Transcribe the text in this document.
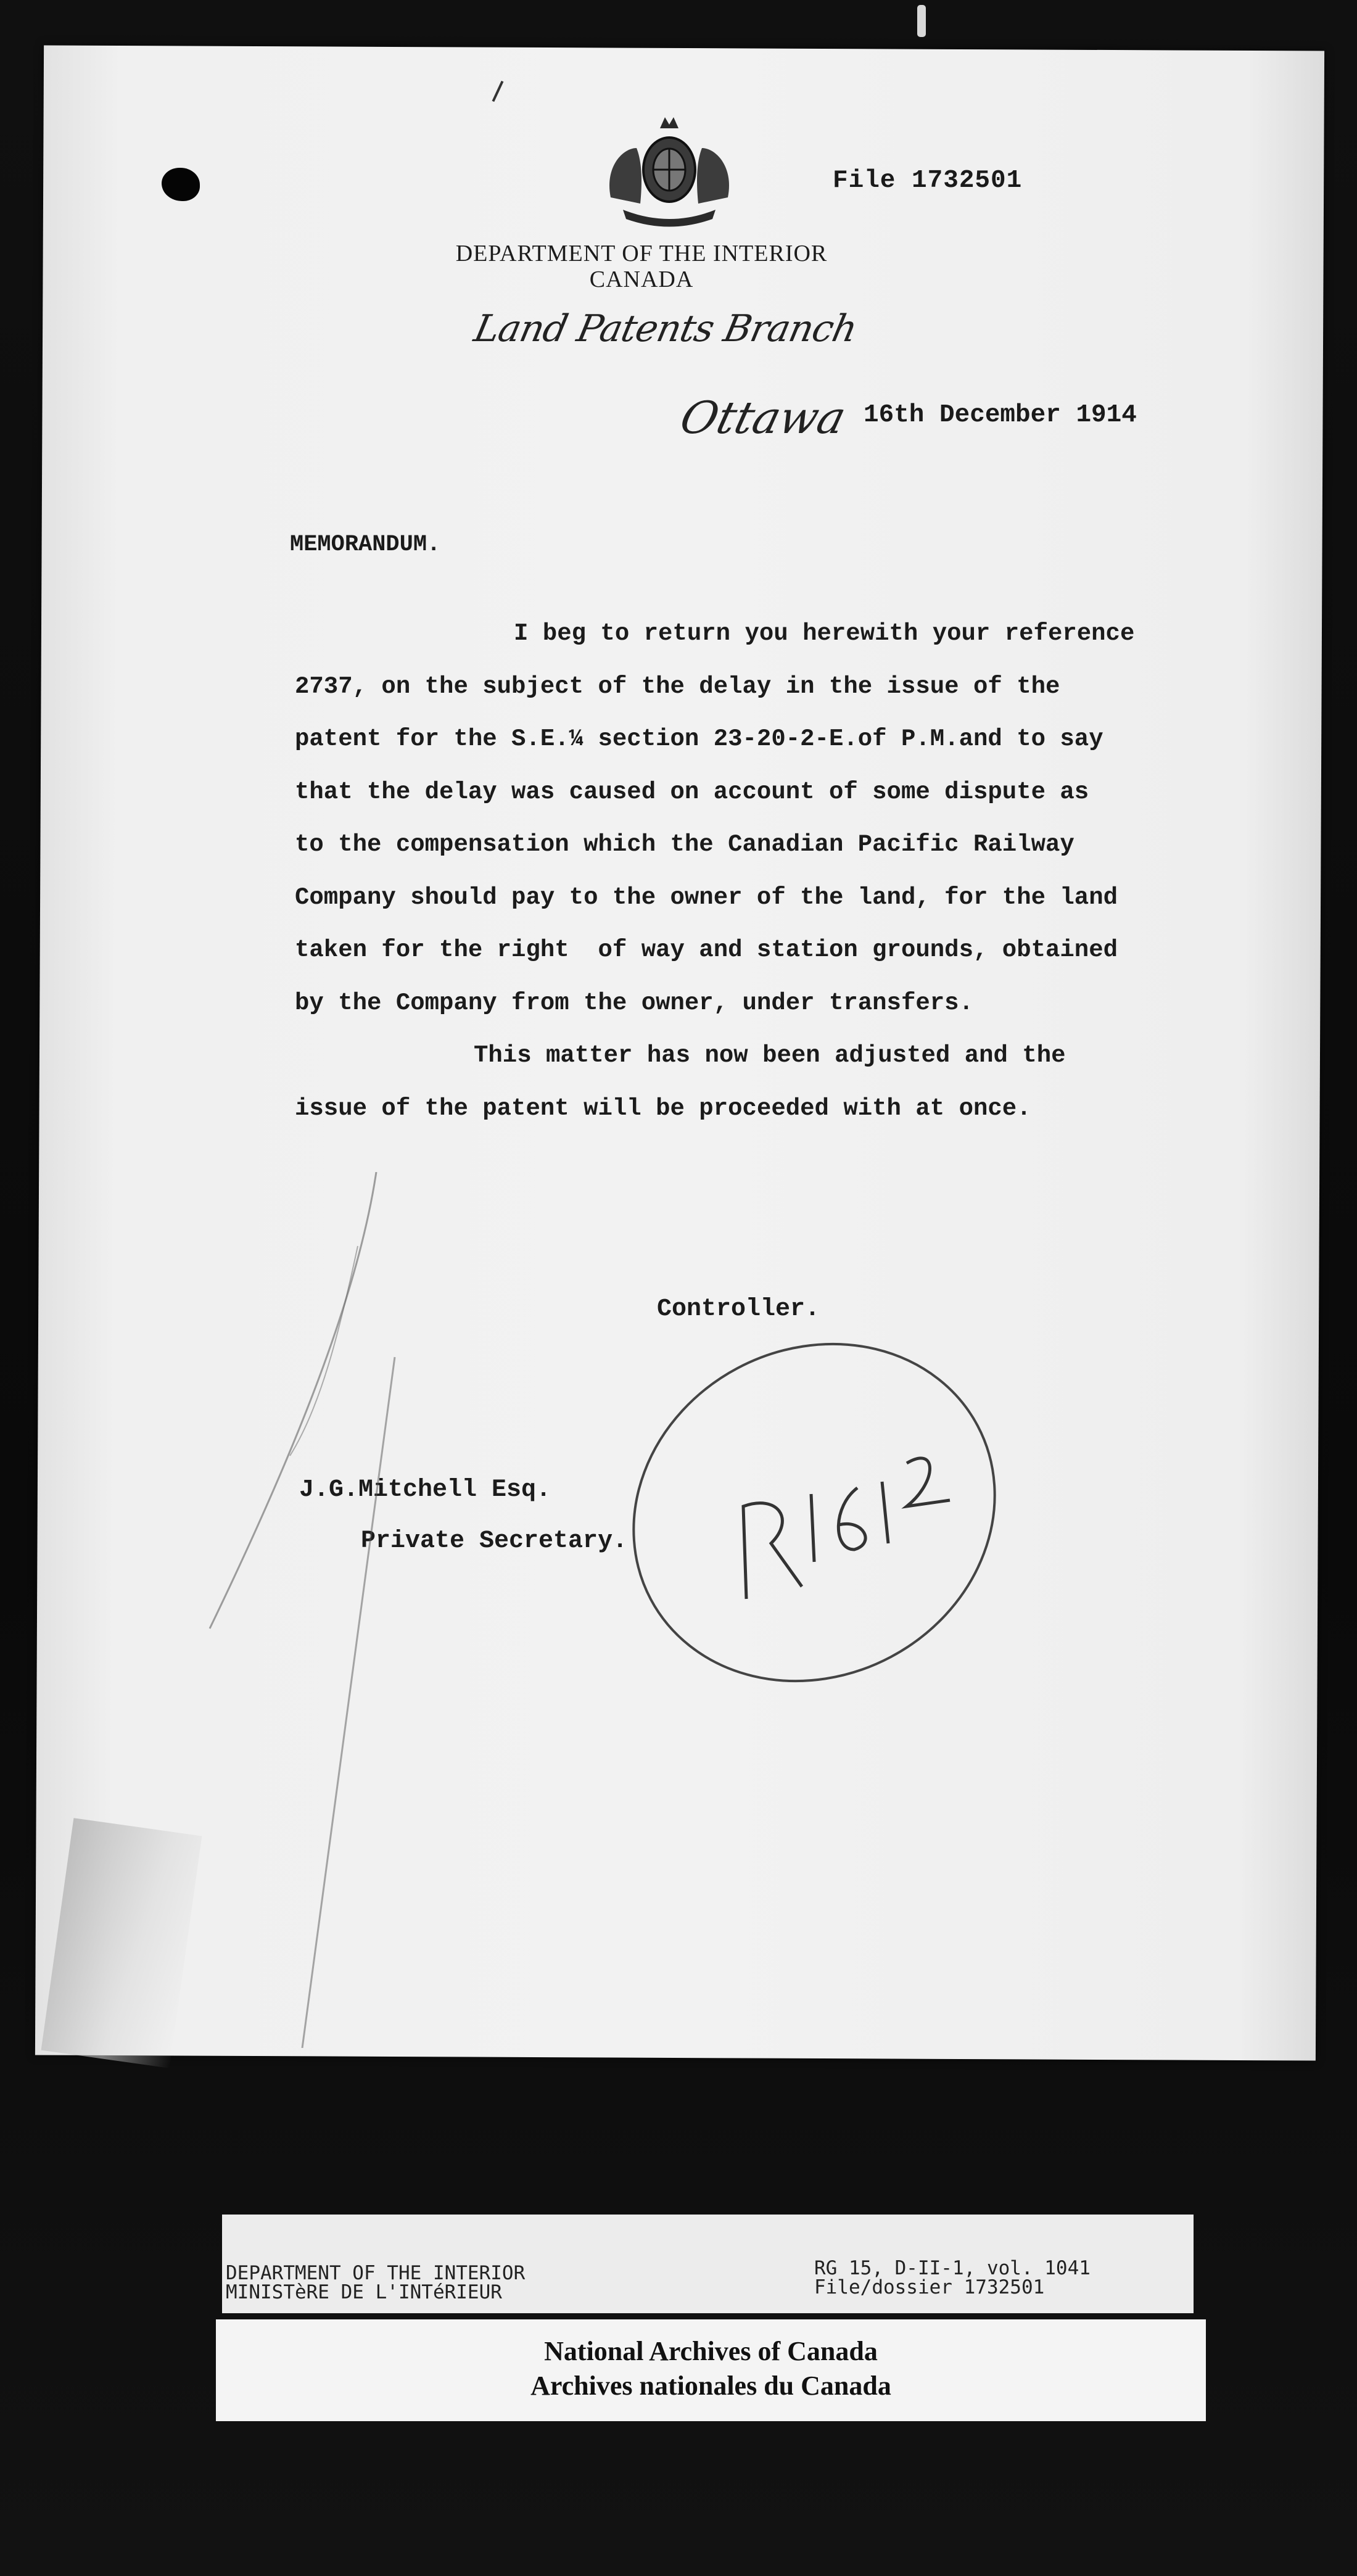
File 1732501
DEPARTMENT OF THE INTERIOR
CANADA
Land Patents Branch
Ottawa 16th December 1914
MEMORANDUM.
I beg to return you herewith your reference
2737, on the subject of the delay in the issue of the
patent for the S.E.¼ section 23-20-2-E.of P.M.and to say
that the delay was caused on account of some dispute as
to the compensation which the Canadian Pacific Railway
Company should pay to the owner of the land, for the land
taken for the right  of way and station grounds, obtained
by the Company from the owner, under transfers.
This matter has now been adjusted and the
issue of the patent will be proceeded with at once.
Controller.
J.G.Mitchell Esq.
Private Secretary.
DEPARTMENT OF THE INTERIOR
MINISTèRE DE L'INTéRIEUR
RG 15, D-II-1, vol. 1041
File/dossier 1732501
National Archives of Canada
Archives nationales du Canada
